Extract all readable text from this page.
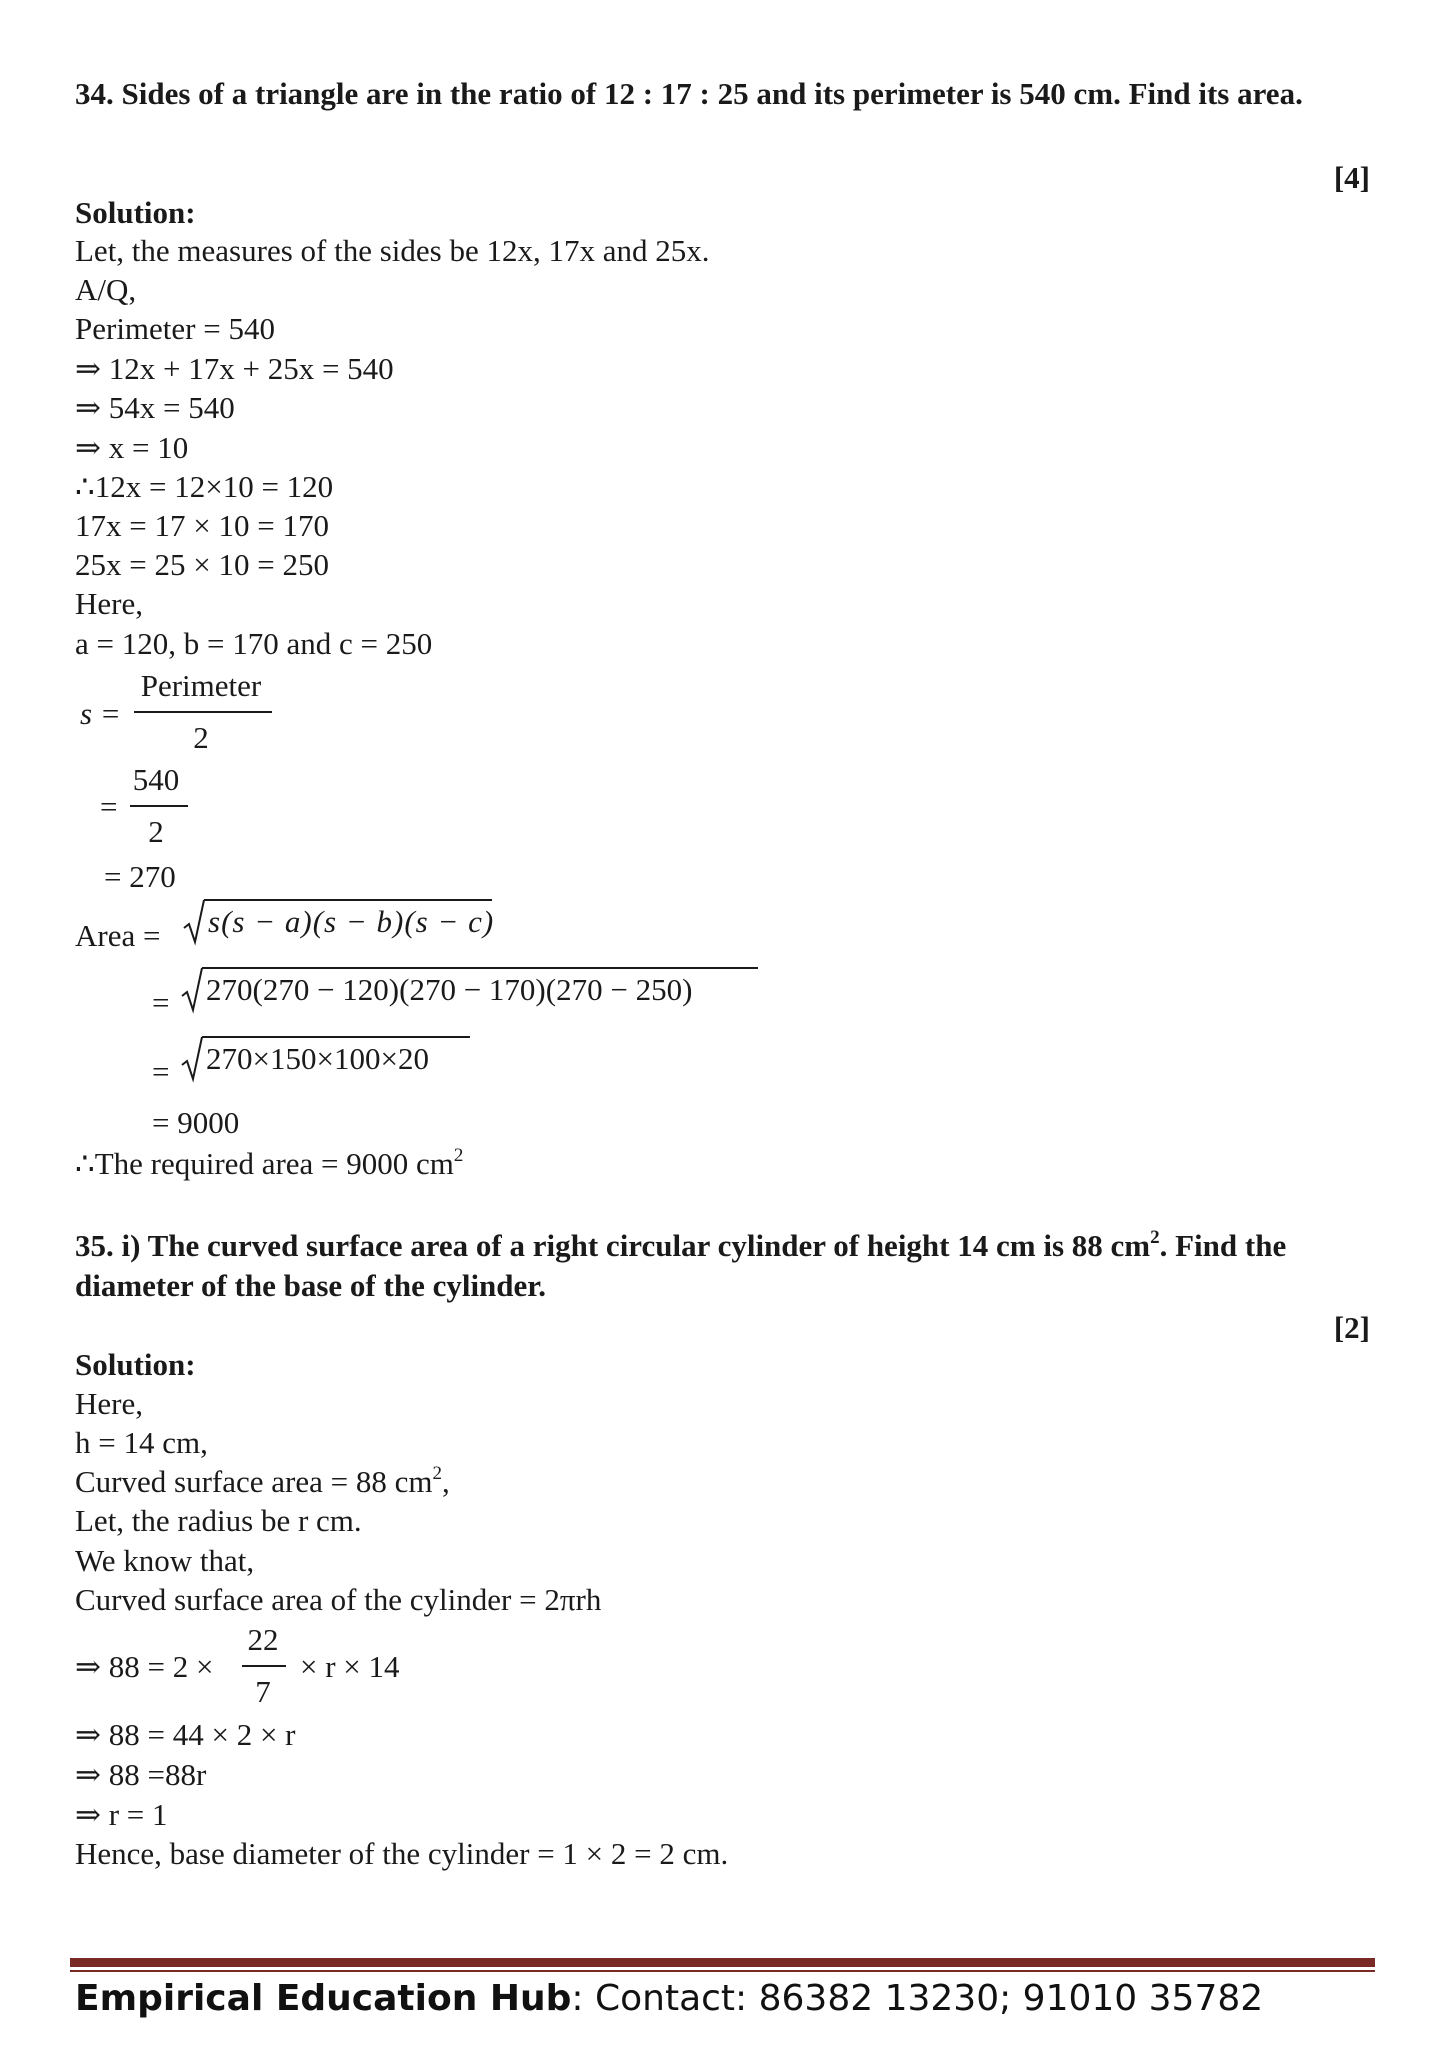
34. Sides of a triangle are in the ratio of 12 : 17 : 25 and its perimeter is 540 cm. Find its area.
[4]
Solution:
Let, the measures of the sides be 12x, 17x and 25x.
A/Q,
Perimeter = 540
⇒ 12x + 17x + 25x = 540
⇒ 54x = 540
⇒ x = 10
∴12x = 12×10 = 120
17x = 17 × 10 = 170
25x = 25 × 10 = 250
Here,
a = 120, b = 170 and c = 250
s =
Perimeter
2
=
540
2
= 270
Area = s(s − a)(s − b)(s − c)
= 270(270 − 120)(270 − 170)(270 − 250)
= 270×150×100×20
= 9000
∴The required area = 9000 $cm^2$
35. i) The curved surface area of a right circular cylinder of height 14 cm is 88 $cm^2$. Find the diameter of the base of the cylinder.
[2]
Solution:
Here,
h = 14 cm,
Curved surface area = 88 $cm^2$,
Let, the radius be r cm.
We know that,
Curved surface area of the cylinder = 2πrh
⇒ 88 = 2 ×
22
7
× r × 14
⇒ 88 = 44 × 2 × r
⇒ 88 =88r
⇒ r = 1
Hence, base diameter of the cylinder = 1 × 2 = 2 cm.
Empirical Education Hub: Contact: 86382 13230; 91010 35782
